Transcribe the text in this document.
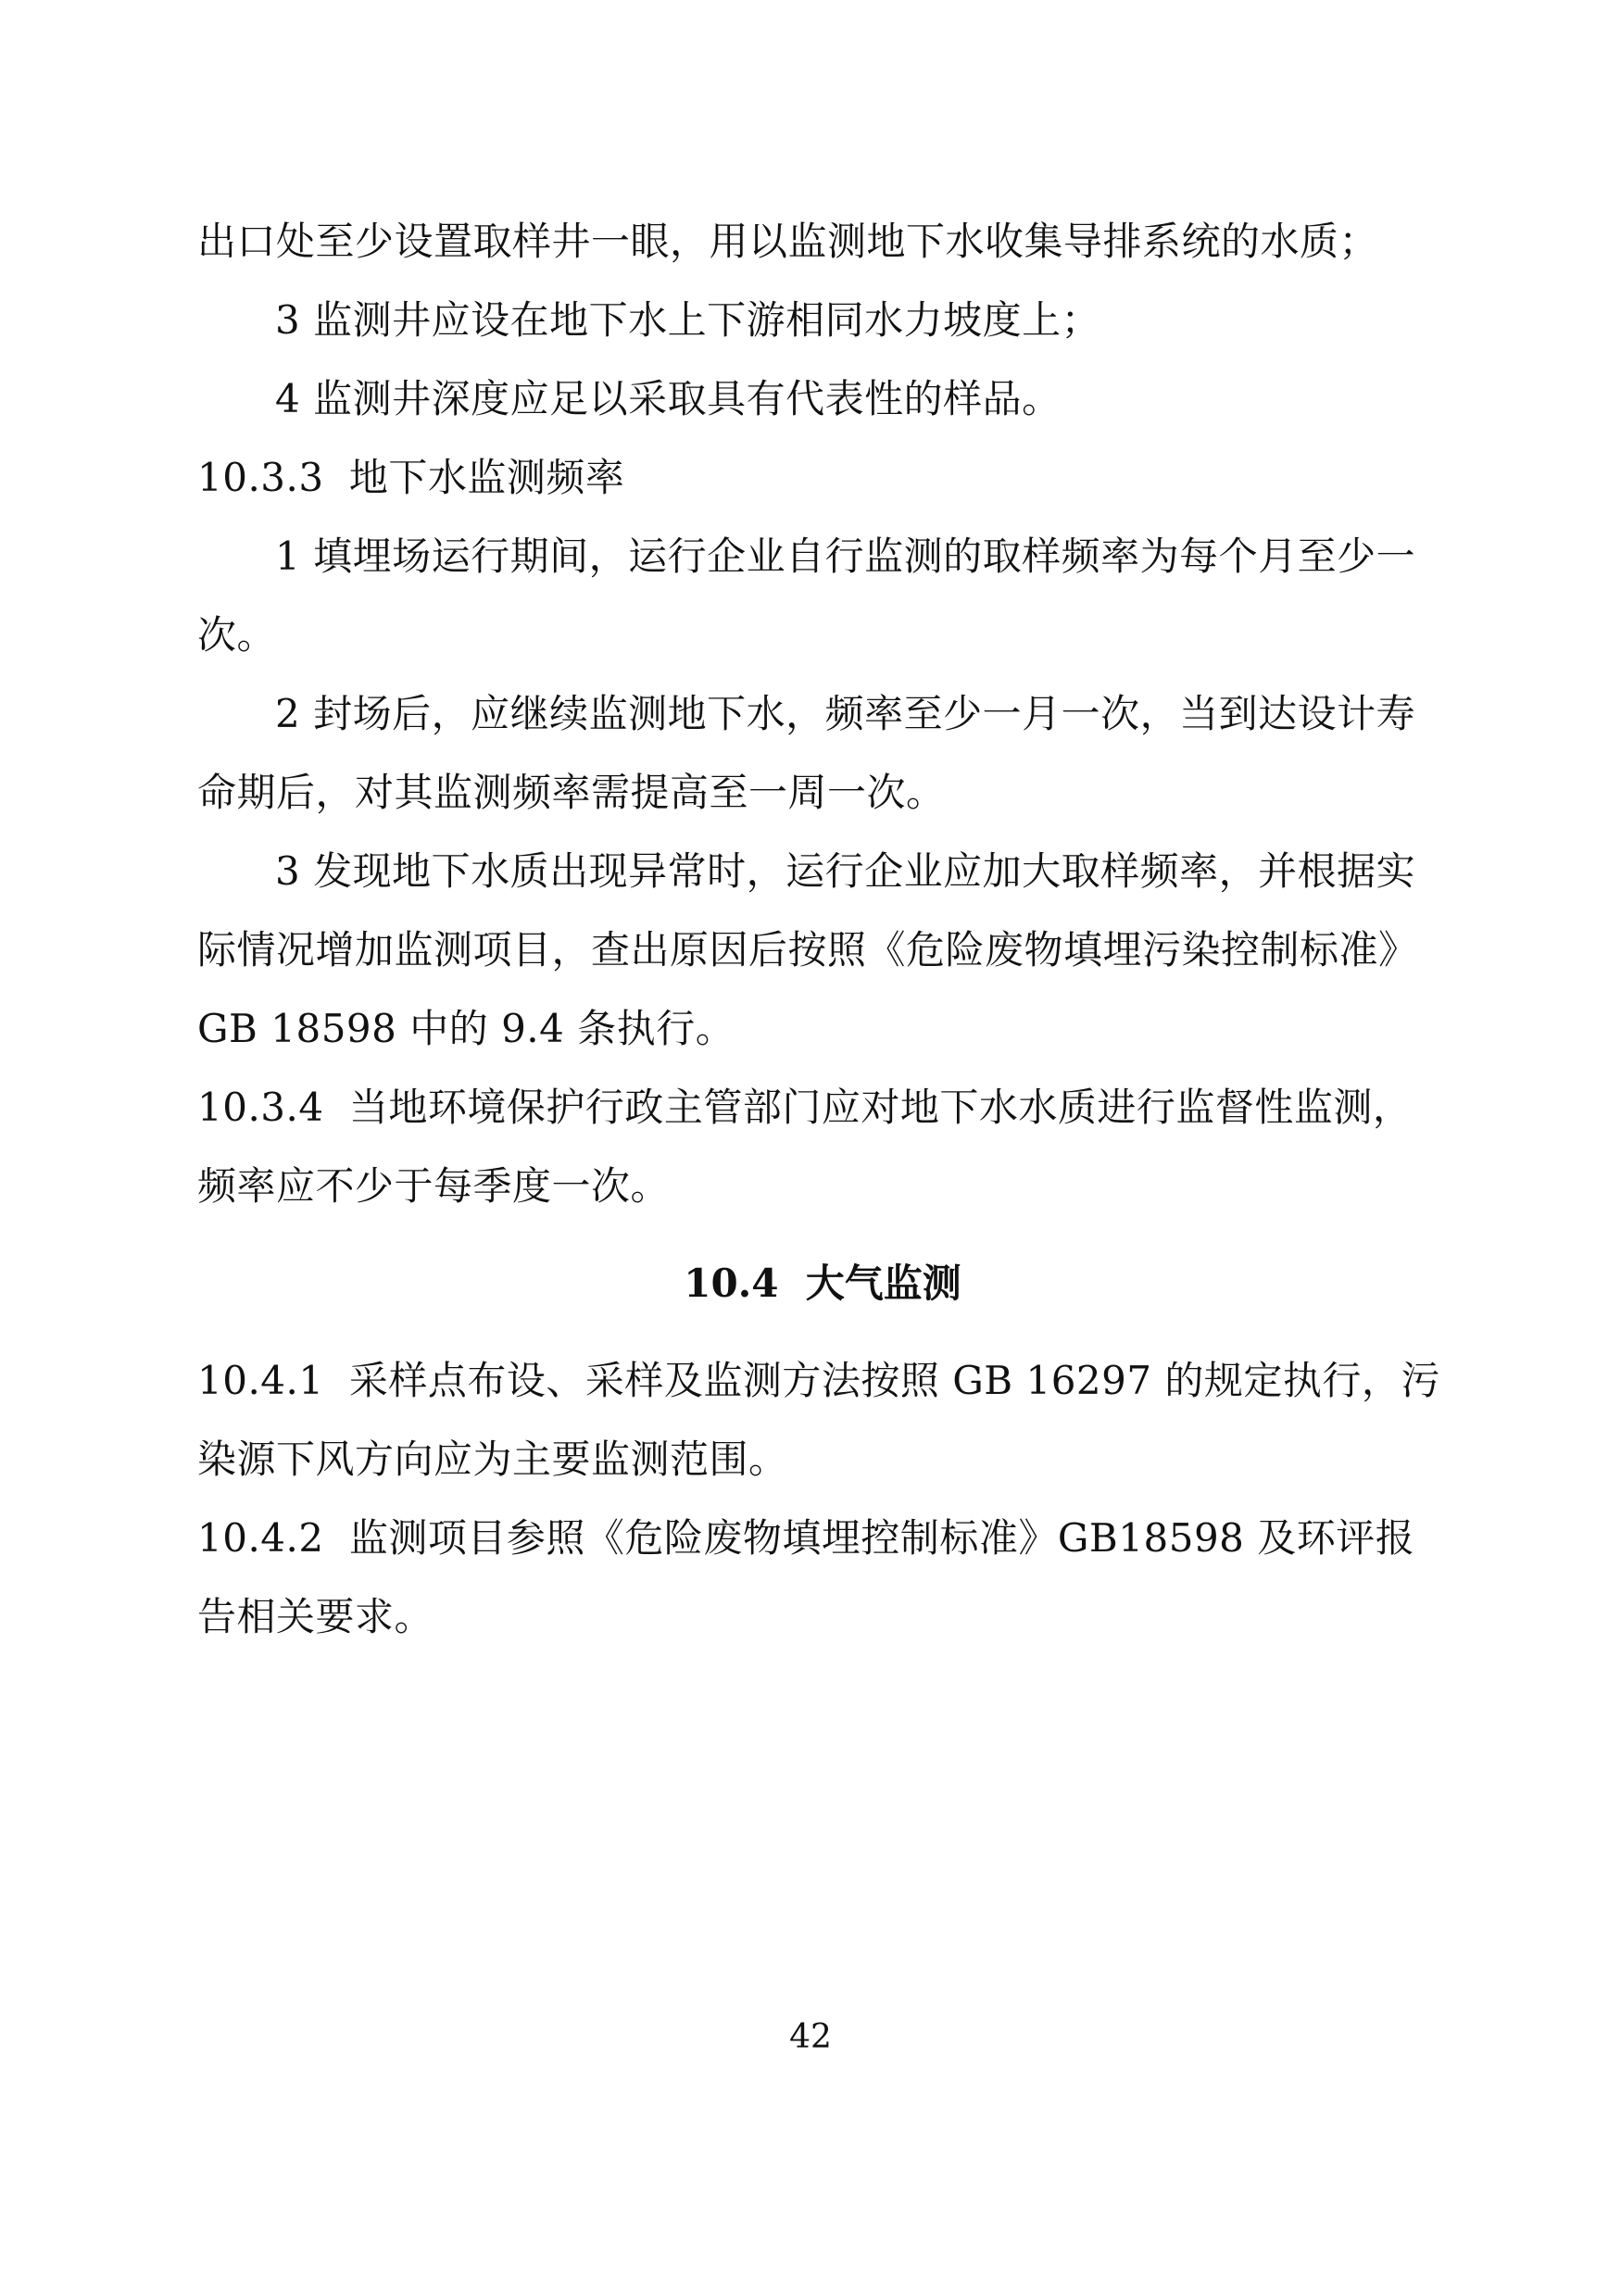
出口处至少设置取样井一眼，用以监测地下水收集导排系统的水质；

3 监测井应设在地下水上下游相同水力坡度上；

4 监测井深度应足以采取具有代表性的样品。

10.3.3 地下水监测频率

1 填埋场运行期间，运行企业自行监测的取样频率为每个月至少一次。

2 封场后，应继续监测地下水，频率至少一月一次，当到达设计寿命期后，对其监测频率需提高至一周一次。

3 发现地下水质出现异常时，运行企业应加大取样频率，并根据实际情况增加监测项目，查出原因后按照《危险废物填埋污染控制标准》GB 18598 中的 9.4 条执行。

10.3.4 当地环境保护行政主管部门应对地下水水质进行监督性监测，频率应不少于每季度一次。

10.4 大气监测

10.4.1 采样点布设、采样及监测方法按照 GB 16297 的规定执行，污染源下风方向应为主要监测范围。

10.4.2 监测项目参照《危险废物填埋控制标准》GB18598 及环评报告相关要求。

42
